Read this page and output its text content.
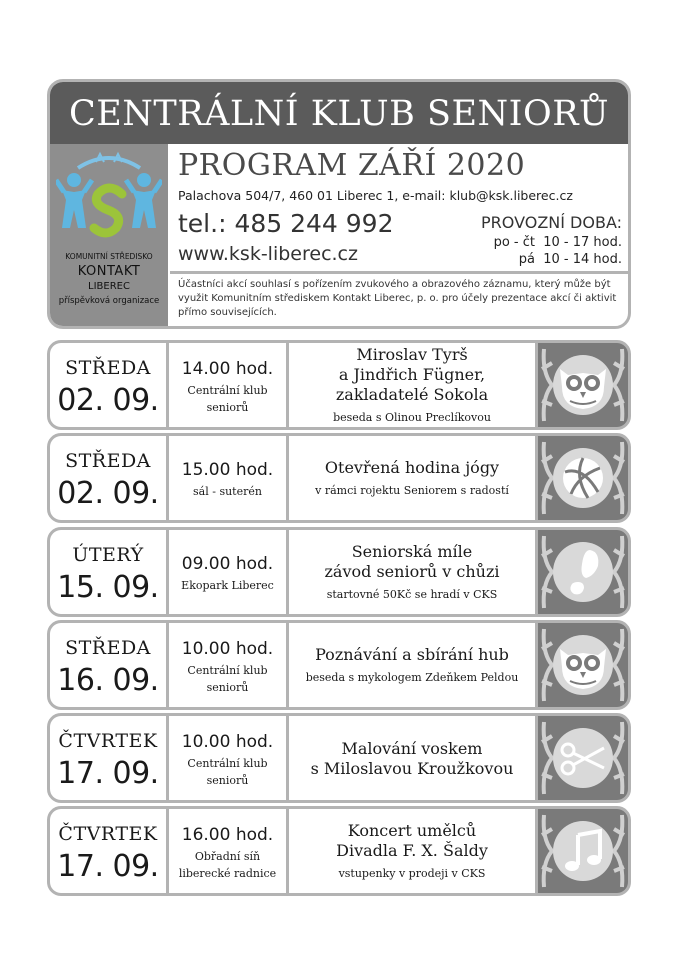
CENTRÁLNÍ KLUB SENIORŮ
KOMUNITNÍ STŘEDISKO
KONTAKT
LIBEREC
příspěvková organizace
PROGRAM ZÁŘÍ 2020
Palachova 504/7, 460 01 Liberec 1, e-mail: klub@ksk.liberec.cz
tel.: 485 244 992
www.ksk-liberec.cz
PROVOZNÍ DOBA:
po - čt  10 - 17 hod.
pá  10 - 14 hod.
Účastníci akcí souhlasí s pořízením zvukového a obrazového záznamu, který může být využit Komunitním střediskem Kontakt Liberec, p. o. pro účely prezentace akcí či aktivit přímo souvisejících.
STŘEDA
02. 09.
14.00 hod.
Centrální klub
seniorů
Miroslav Tyrš
a Jindřich Fügner,
zakladatelé Sokola
beseda s Olinou Preclíkovou
STŘEDA
02. 09.
15.00 hod.
sál - suterén
Otevřená hodina jógy
v rámci rojektu Seniorem s radostí
ÚTERÝ
15. 09.
09.00 hod.
Ekopark Liberec
Seniorská míle
závod seniorů v chůzi
startovné 50Kč se hradí v CKS
STŘEDA
16. 09.
10.00 hod.
Centrální klub
seniorů
Poznávání a sbírání hub
beseda s mykologem Zdeňkem Peldou
ČTVRTEK
17. 09.
10.00 hod.
Centrální klub
seniorů
Malování voskem
s Miloslavou Kroužkovou
ČTVRTEK
17. 09.
16.00 hod.
Obřadní síň
liberecké radnice
Koncert umělců
Divadla F. X. Šaldy
vstupenky v prodeji v CKS
